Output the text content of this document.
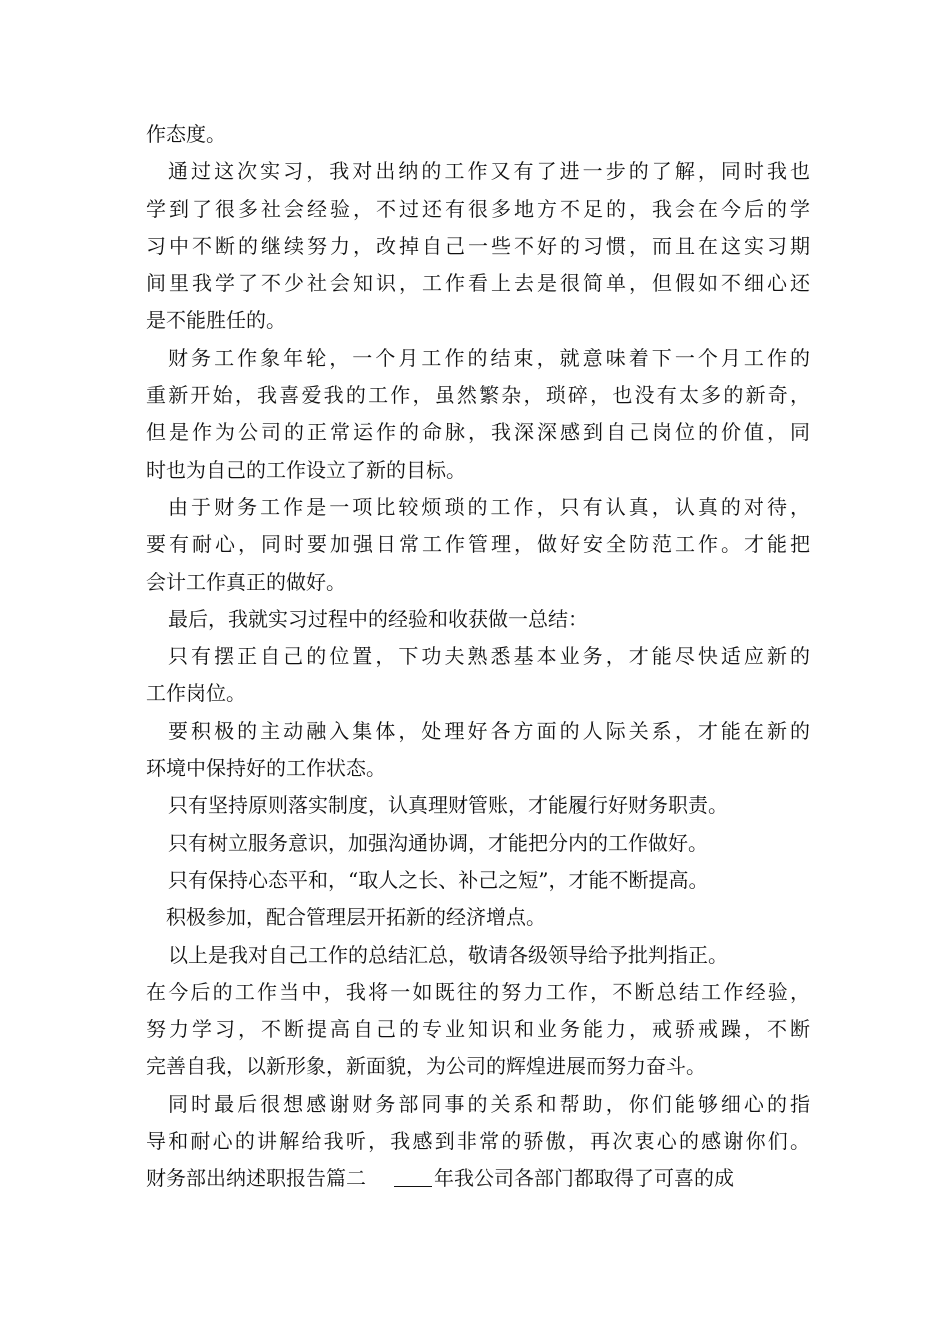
作态度。
通过这次实习，我对出纳的工作又有了进一步的了解，同时我也
学到了很多社会经验，不过还有很多地方不足的，我会在今后的学
习中不断的继续努力，改掉自己一些不好的习惯，而且在这实习期
间里我学了不少社会知识，工作看上去是很简单，但假如不细心还
是不能胜任的。
财务工作象年轮，一个月工作的结束，就意味着下一个月工作的
重新开始，我喜爱我的工作，虽然繁杂，琐碎，也没有太多的新奇，
但是作为公司的正常运作的命脉，我深深感到自己岗位的价值，同
时也为自己的工作设立了新的目标。
由于财务工作是一项比较烦琐的工作，只有认真，认真的对待，
要有耐心，同时要加强日常工作管理，做好安全防范工作。才能把
会计工作真正的做好。
最后，我就实习过程中的经验和收获做一总结：
只有摆正自己的位置，下功夫熟悉基本业务，才能尽快适应新的
工作岗位。
要积极的主动融入集体，处理好各方面的人际关系，才能在新的
环境中保持好的工作状态。
只有坚持原则落实制度，认真理财管账，才能履行好财务职责。
只有树立服务意识，加强沟通协调，才能把分内的工作做好。
只有保持心态平和，“取人之长、补己之短”，才能不断提高。
积极参加，配合管理层开拓新的经济增点。
以上是我对自己工作的总结汇总，敬请各级领导给予批判指正。
在今后的工作当中，我将一如既往的努力工作，不断总结工作经验，
努力学习，不断提高自己的专业知识和业务能力，戒骄戒躁，不断
完善自我，以新形象，新面貌，为公司的辉煌进展而努力奋斗。
同时最后很想感谢财务部同事的关系和帮助，你们能够细心的指
导和耐心的讲解给我听，我感到非常的骄傲，再次衷心的感谢你们。
财务部出纳述职报告篇二	年我公司各部门都取得了可喜的成
